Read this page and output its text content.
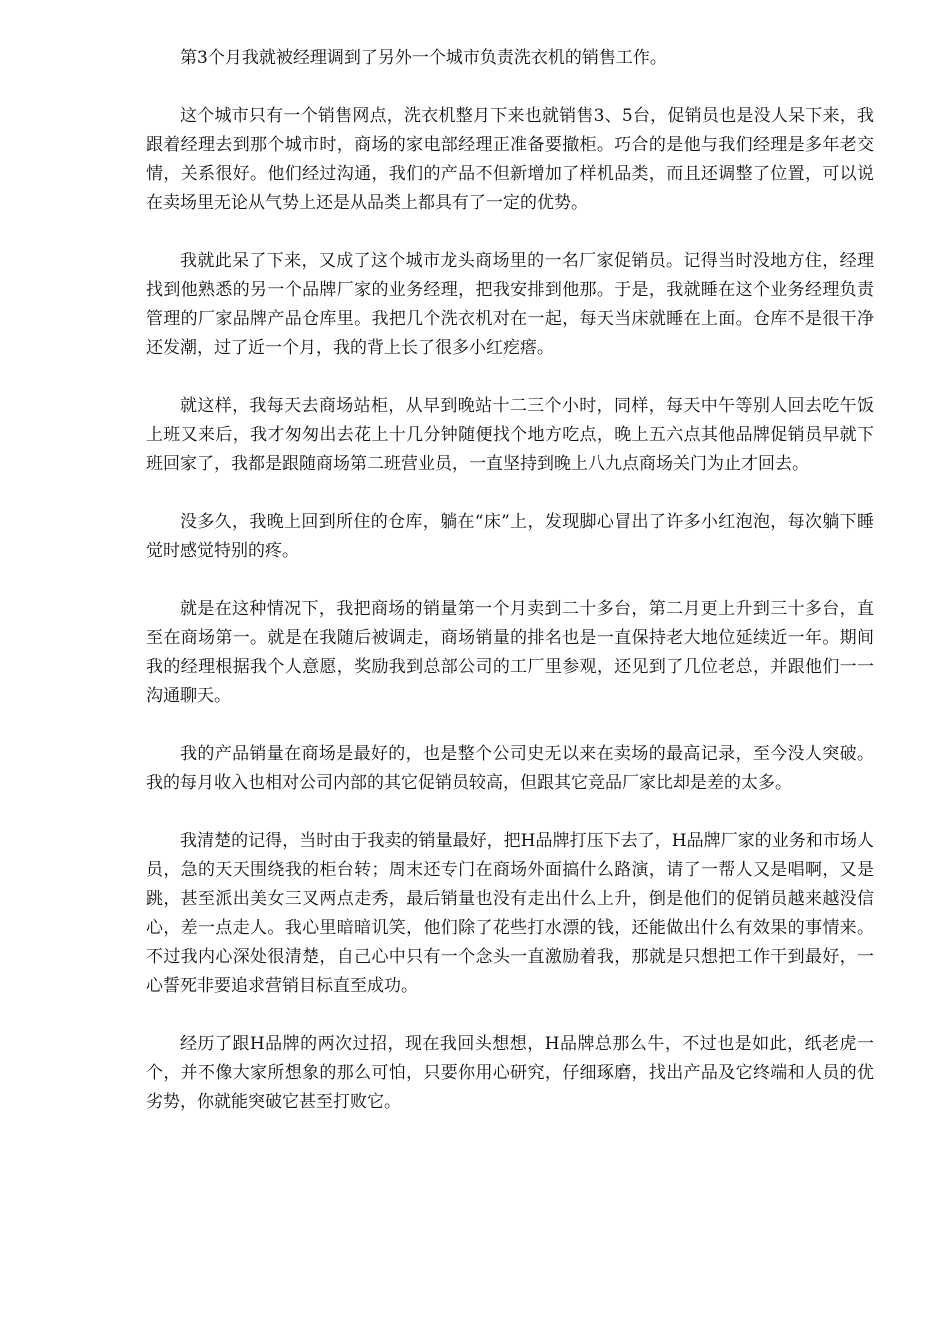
第3个月我就被经理调到了另外一个城市负责洗衣机的销售工作。

这个城市只有一个销售网点，洗衣机整月下来也就销售3、5台，促销员也是没人呆下来，我跟着经理去到那个城市时，商场的家电部经理正准备要撤柜。巧合的是他与我们经理是多年老交情，关系很好。他们经过沟通，我们的产品不但新增加了样机品类，而且还调整了位置，可以说在卖场里无论从气势上还是从品类上都具有了一定的优势。

我就此呆了下来，又成了这个城市龙头商场里的一名厂家促销员。记得当时没地方住，经理找到他熟悉的另一个品牌厂家的业务经理，把我安排到他那。于是，我就睡在这个业务经理负责管理的厂家品牌产品仓库里。我把几个洗衣机对在一起，每天当床就睡在上面。仓库不是很干净还发潮，过了近一个月，我的背上长了很多小红疙瘩。

就这样，我每天去商场站柜，从早到晚站十二三个小时，同样，每天中午等别人回去吃午饭上班又来后，我才匆匆出去花上十几分钟随便找个地方吃点，晚上五六点其他品牌促销员早就下班回家了，我都是跟随商场第二班营业员，一直坚持到晚上八九点商场关门为止才回去。

没多久，我晚上回到所住的仓库，躺在“床”上，发现脚心冒出了许多小红泡泡，每次躺下睡觉时感觉特别的疼。

就是在这种情况下，我把商场的销量第一个月卖到二十多台，第二月更上升到三十多台，直至在商场第一。就是在我随后被调走，商场销量的排名也是一直保持老大地位延续近一年。期间我的经理根据我个人意愿，奖励我到总部公司的工厂里参观，还见到了几位老总，并跟他们一一沟通聊天。

我的产品销量在商场是最好的，也是整个公司史无以来在卖场的最高记录，至今没人突破。我的每月收入也相对公司内部的其它促销员较高，但跟其它竞品厂家比却是差的太多。

我清楚的记得，当时由于我卖的销量最好，把H品牌打压下去了，H品牌厂家的业务和市场人员，急的天天围绕我的柜台转；周末还专门在商场外面搞什么路演，请了一帮人又是唱啊，又是跳，甚至派出美女三叉两点走秀，最后销量也没有走出什么上升，倒是他们的促销员越来越没信心，差一点走人。我心里暗暗讥笑，他们除了花些打水漂的钱，还能做出什么有效果的事情来。不过我内心深处很清楚，自己心中只有一个念头一直激励着我，那就是只想把工作干到最好，一心誓死非要追求营销目标直至成功。

经历了跟H品牌的两次过招，现在我回头想想，H品牌总那么牛，不过也是如此，纸老虎一个，并不像大家所想象的那么可怕，只要你用心研究，仔细琢磨，找出产品及它终端和人员的优劣势，你就能突破它甚至打败它。
